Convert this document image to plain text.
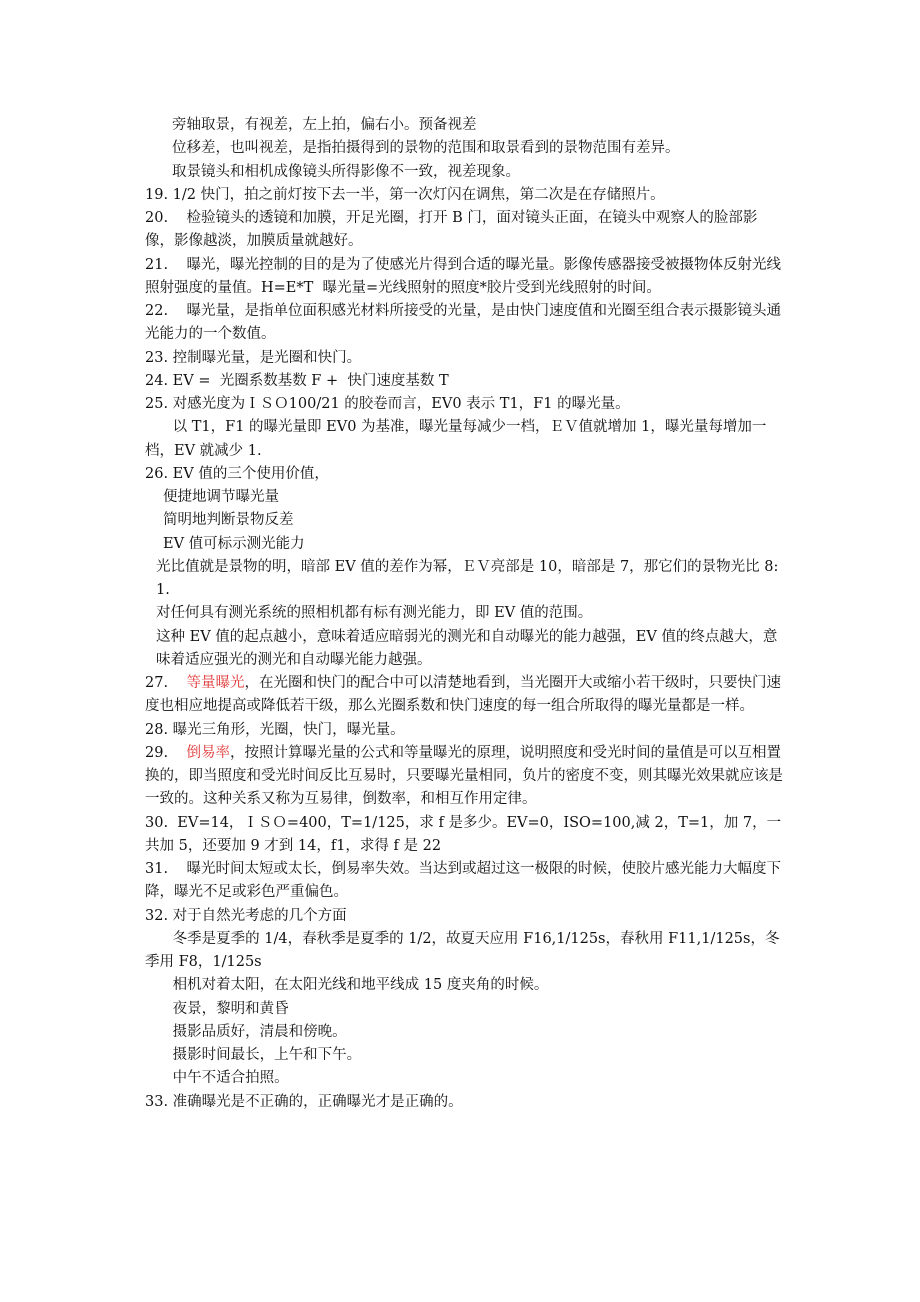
旁轴取景，有视差，左上拍，偏右小。预备视差

位移差，也叫视差，是指拍摄得到的景物的范围和取景看到的景物范围有差异。

取景镜头和相机成像镜头所得影像不一致，视差现象。

19. 1/2 快门，拍之前灯按下去一半，第一次灯闪在调焦，第二次是在存储照片。

20.    检验镜头的透镜和加膜，开足光圈，打开 B 门，面对镜头正面，在镜头中观察人的脸部影像，影像越淡，加膜质量就越好。

21.    曝光，曝光控制的目的是为了使感光片得到合适的曝光量。影像传感器接受被摄物体反射光线照射强度的量值。H=E*T  曝光量=光线照射的照度*胶片受到光线照射的时间。

22.    曝光量，是指单位面积感光材料所接受的光量，是由快门速度值和光圈至组合表示摄影镜头通光能力的一个数值。

23. 控制曝光量，是光圈和快门。

24. EV =  光圈系数基数 F +  快门速度基数 T

25. 对感光度为ＩＳＯ100/21 的胶卷而言，EV0 表示 T1，F1 的曝光量。

以 T1，F1 的曝光量即 EV0 为基准，曝光量每减少一档，ＥＶ值就增加 1，曝光量每增加一档，EV 就减少 1.

26. EV 值的三个使用价值，

便捷地调节曝光量

简明地判断景物反差

EV 值可标示测光能力

光比值就是景物的明，暗部 EV 值的差作为幂，ＥＶ亮部是 10，暗部是 7，那它们的景物光比 8:1.

对任何具有测光系统的照相机都有标有测光能力，即 EV 值的范围。

这种 EV 值的起点越小，意味着适应暗弱光的测光和自动曝光的能力越强，EV 值的终点越大，意味着适应强光的测光和自动曝光能力越强。

27.    等量曝光，在光圈和快门的配合中可以清楚地看到，当光圈开大或缩小若干级时，只要快门速度也相应地提高或降低若干级，那么光圈系数和快门速度的每一组合所取得的曝光量都是一样。

28. 曝光三角形，光圈，快门，曝光量。

29.    倒易率，按照计算曝光量的公式和等量曝光的原理，说明照度和受光时间的量值是可以互相置换的，即当照度和受光时间反比互易时，只要曝光量相同，负片的密度不变，则其曝光效果就应该是一致的。这种关系又称为互易律，倒数率，和相互作用定律。

30.  EV=14，ＩＳＯ=400，T=1/125，求 f 是多少。EV=0，ISO=100,减 2，T=1，加 7，一共加 5，还要加 9 才到 14，f1，求得 f 是 22

31.    曝光时间太短或太长，倒易率失效。当达到或超过这一极限的时候，使胶片感光能力大幅度下降，曝光不足或彩色严重偏色。

32. 对于自然光考虑的几个方面

冬季是夏季的 1/4，春秋季是夏季的 1/2，故夏天应用 F16,1/125s，春秋用 F11,1/125s，冬季用 F8，1/125s

相机对着太阳，在太阳光线和地平线成 15 度夹角的时候。

夜景，黎明和黄昏

摄影品质好，清晨和傍晚。

摄影时间最长，上午和下午。

中午不适合拍照。

33. 准确曝光是不正确的，正确曝光才是正确的。
